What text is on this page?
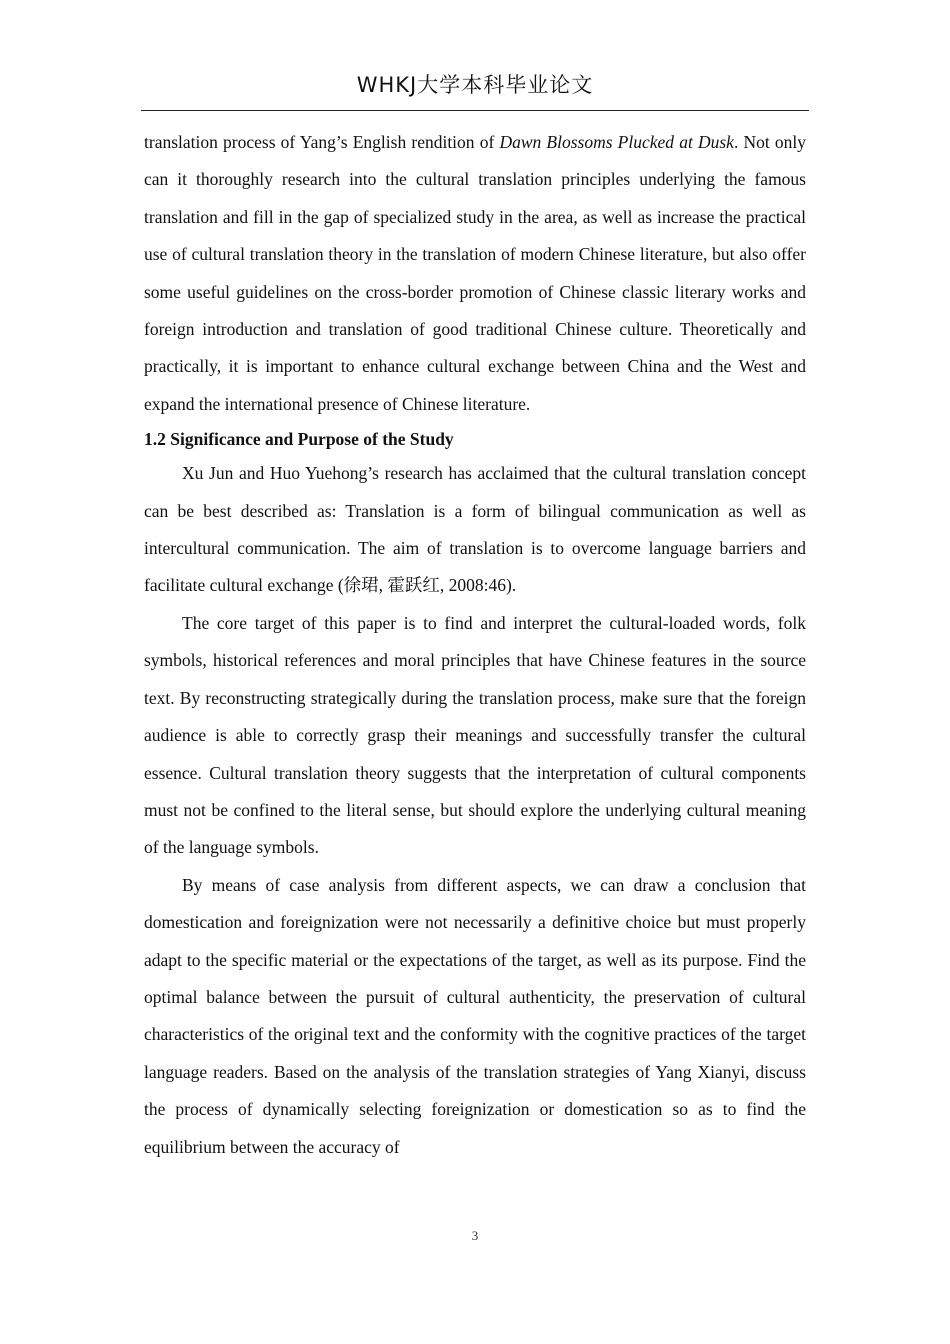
WHKJ大学本科毕业论文

translation process of Yang’s English rendition of Dawn Blossoms Plucked at Dusk. Not only can it thoroughly research into the cultural translation principles underlying the famous translation and fill in the gap of specialized study in the area, as well as increase the practical use of cultural translation theory in the translation of modern Chinese literature, but also offer some useful guidelines on the cross-border promotion of Chinese classic literary works and foreign introduction and translation of good traditional Chinese culture. Theoretically and practically, it is important to enhance cultural exchange between China and the West and expand the international presence of Chinese literature.

1.2 Significance and Purpose of the Study

Xu Jun and Huo Yuehong’s research has acclaimed that the cultural translation concept can be best described as: Translation is a form of bilingual communication as well as intercultural communication. The aim of translation is to overcome language barriers and facilitate cultural exchange (徐珺, 霍跃红, 2008:46).

The core target of this paper is to find and interpret the cultural-loaded words, folk symbols, historical references and moral principles that have Chinese features in the source text. By reconstructing strategically during the translation process, make sure that the foreign audience is able to correctly grasp their meanings and successfully transfer the cultural essence. Cultural translation theory suggests that the interpretation of cultural components must not be confined to the literal sense, but should explore the underlying cultural meaning of the language symbols.

By means of case analysis from different aspects, we can draw a conclusion that domestication and foreignization were not necessarily a definitive choice but must properly adapt to the specific material or the expectations of the target, as well as its purpose. Find the optimal balance between the pursuit of cultural authenticity, the preservation of cultural characteristics of the original text and the conformity with the cognitive practices of the target language readers. Based on the analysis of the translation strategies of Yang Xianyi, discuss the process of dynamically selecting foreignization or domestication so as to find the equilibrium between the accuracy of

3
